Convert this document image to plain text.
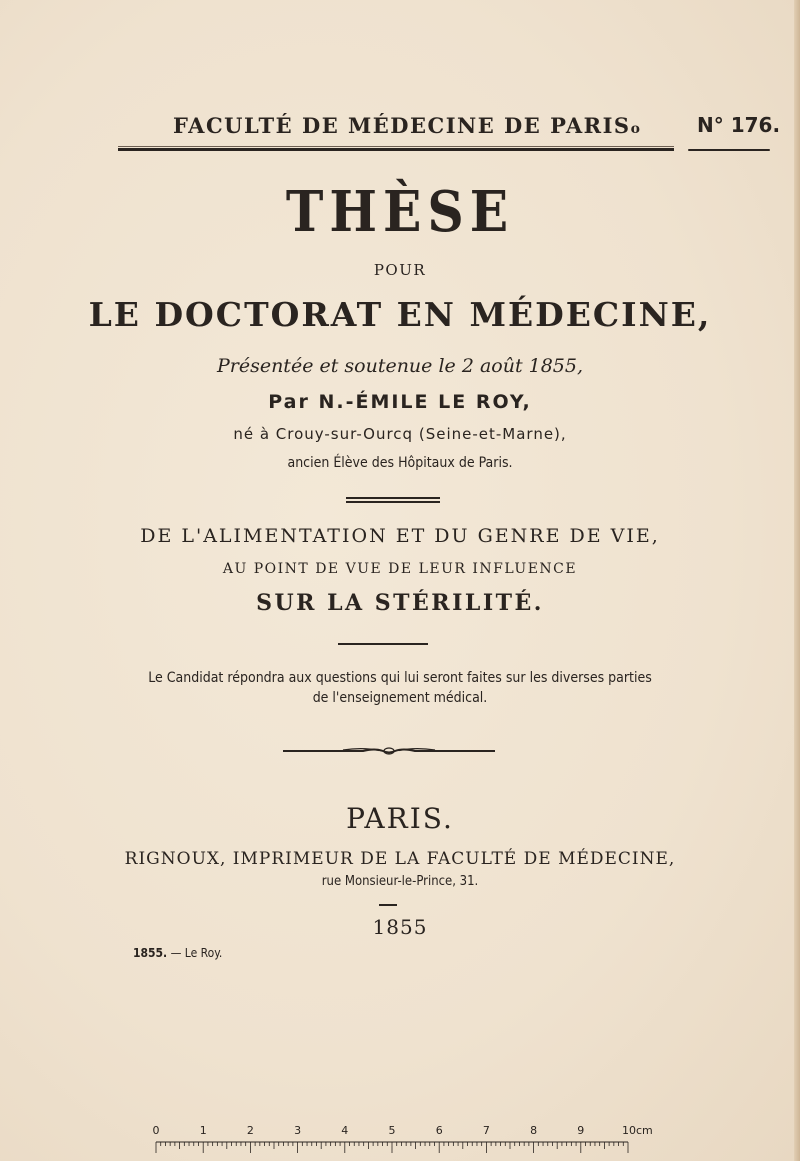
FACULTÉ DE MÉDECINE DE PARISo	N° 176.
THÈSE
POUR
LE DOCTORAT EN MÉDECINE,
Présentée et soutenue le 2 août 1855,
Par N.-ÉMILE LE ROY,
né à Crouy-sur-Ourcq (Seine-et-Marne),
ancien Élève des Hôpitaux de Paris.
DE L'ALIMENTATION ET DU GENRE DE VIE,
AU POINT DE VUE DE LEUR INFLUENCE
SUR LA STÉRILITÉ.
Le Candidat répondra aux questions qui lui seront faites sur les diverses parties
de l'enseignement médical.
PARIS.
RIGNOUX, IMPRIMEUR DE LA FACULTÉ DE MÉDECINE,
rue Monsieur-le-Prince, 31.
1855
1855. — Le Roy.
0	1	2	3	4	5	6	7	8	9	10cm
